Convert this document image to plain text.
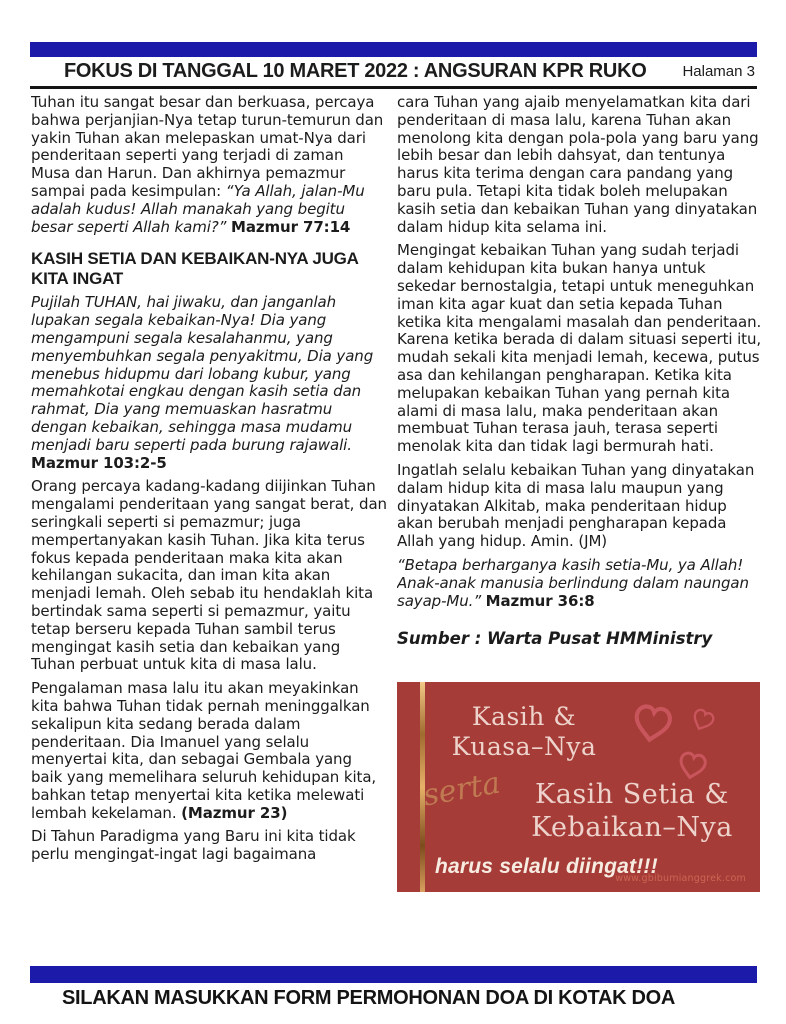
FOKUS DI TANGGAL 10 MARET 2022 : ANGSURAN KPR RUKO Halaman 3

Tuhan itu sangat besar dan berkuasa, percaya bahwa perjanjian-Nya tetap turun-temurun dan yakin Tuhan akan melepaskan umat-Nya dari penderitaan seperti yang terjadi di zaman Musa dan Harun. Dan akhirnya pemazmur sampai pada kesimpulan: “Ya Allah, jalan-Mu adalah kudus! Allah manakah yang begitu besar seperti Allah kami?” Mazmur 77:14

KASIH SETIA DAN KEBAIKAN-NYA JUGA KITA INGAT

Pujilah TUHAN, hai jiwaku, dan janganlah lupakan segala kebaikan-Nya! Dia yang mengampuni segala kesalahanmu, yang menyembuhkan segala penyakitmu, Dia yang menebus hidupmu dari lobang kubur, yang memahkotai engkau dengan kasih setia dan rahmat, Dia yang memuaskan hasratmu dengan kebaikan, sehingga masa mudamu menjadi baru seperti pada burung rajawali. Mazmur 103:2-5

Orang percaya kadang-kadang diijinkan Tuhan mengalami penderitaan yang sangat berat, dan seringkali seperti si pemazmur; juga mempertanyakan kasih Tuhan. Jika kita terus fokus kepada penderitaan maka kita akan kehilangan sukacita, dan iman kita akan menjadi lemah. Oleh sebab itu hendaklah kita bertindak sama seperti si pemazmur, yaitu tetap berseru kepada Tuhan sambil terus mengingat kasih setia dan kebaikan yang Tuhan perbuat untuk kita di masa lalu.

Pengalaman masa lalu itu akan meyakinkan kita bahwa Tuhan tidak pernah meninggalkan sekalipun kita sedang berada dalam penderitaan. Dia Imanuel yang selalu menyertai kita, dan sebagai Gembala yang baik yang memelihara seluruh kehidupan kita, bahkan tetap menyertai kita ketika melewati lembah kekelaman. (Mazmur 23)

Di Tahun Paradigma yang Baru ini kita tidak perlu mengingat-ingat lagi bagaimana

cara Tuhan yang ajaib menyelamatkan kita dari penderitaan di masa lalu, karena Tuhan akan menolong kita dengan pola-pola yang baru yang lebih besar dan lebih dahsyat, dan tentunya harus kita terima dengan cara pandang yang baru pula. Tetapi kita tidak boleh melupakan kasih setia dan kebaikan Tuhan yang dinyatakan dalam hidup kita selama ini.

Mengingat kebaikan Tuhan yang sudah terjadi dalam kehidupan kita bukan hanya untuk sekedar bernostalgia, tetapi untuk meneguhkan iman kita agar kuat dan setia kepada Tuhan ketika kita mengalami masalah dan penderitaan. Karena ketika berada di dalam situasi seperti itu, mudah sekali kita menjadi lemah, kecewa, putus asa dan kehilangan pengharapan. Ketika kita melupakan kebaikan Tuhan yang pernah kita alami di masa lalu, maka penderitaan akan membuat Tuhan terasa jauh, terasa seperti menolak kita dan tidak lagi bermurah hati.

Ingatlah selalu kebaikan Tuhan yang dinyatakan dalam hidup kita di masa lalu maupun yang dinyatakan Alkitab, maka penderitaan hidup akan berubah menjadi pengharapan kepada Allah yang hidup. Amin. (JM)

“Betapa berharganya kasih setia-Mu, ya Allah! Anak-anak manusia berlindung dalam naungan sayap-Mu.” Mazmur 36:8

Sumber : Warta Pusat HMMinistry

Kasih &
Kuasa–Nya
serta	Kasih Setia &
Kebaikan–Nya
harus selalu diingat!!!
www.gbibumianggrek.com
SILAKAN MASUKKAN FORM PERMOHONAN DOA DI KOTAK DOA
